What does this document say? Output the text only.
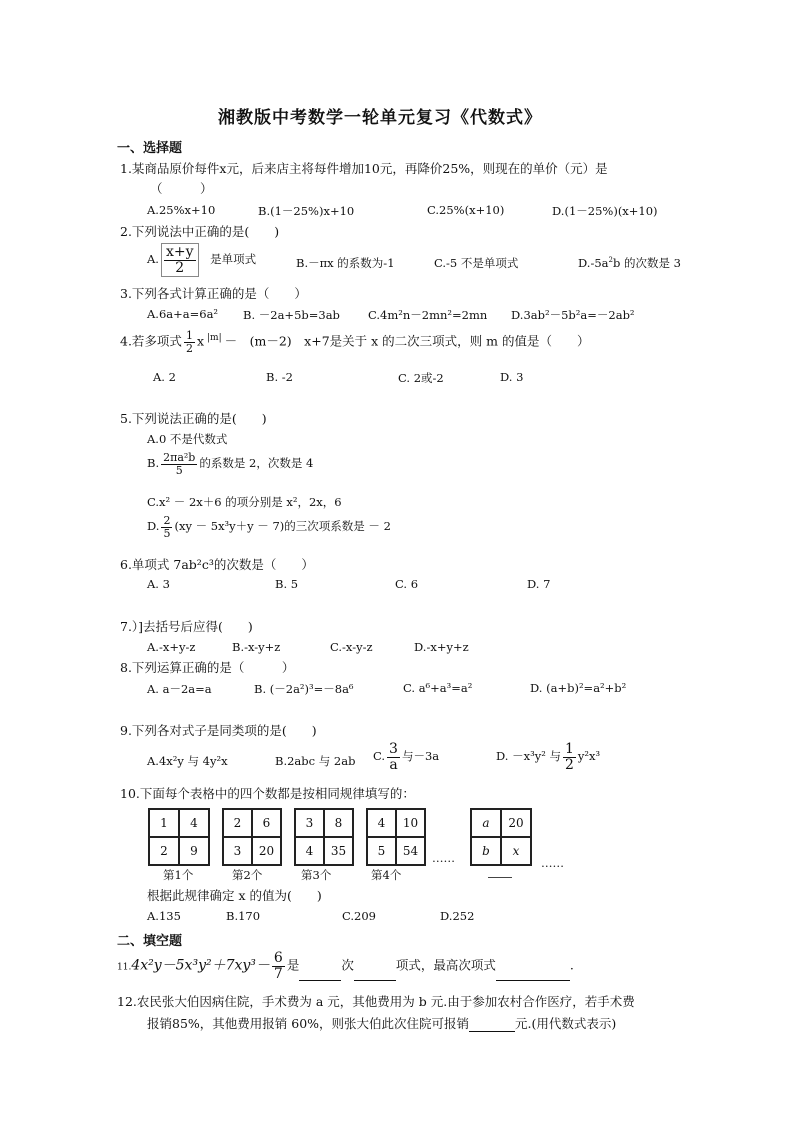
湘教版中考数学一轮单元复习《代数式》
一、选择题
1.某商品原价每件x元，后来店主将每件增加10元，再降价25%，则现在的单价（元）是
（　　　）
A.25%x+10	B.(1－25%)x+10	C.25%(x+10)	D.(1－25%)(x+10)
2.下列说法中正确的是(　　)
A. $\frac{x+y}{2}$ 是单项式	B.－πx 的系数为-1	C.-5 不是单项式	$D.-5a^2b$ 的次数是 3
3.下列各式计算正确的是（　　）
A.6a+a=6a² B. －2a+5b=3ab C.4m²n－2mn²=2mn D.3ab²－5b²a=－2ab²
4.若多项式 $\frac{1}{2}$ x $^{|m|}$ －　(m－2)　x+7是关于 x 的二次三项式，则 m 的值是（　　）
A. 2	B. -2	C. 2或-2	D. 3
5.下列说法正确的是(　　)
A.0 不是代数式
B. $\frac{\text{2πa²b}}{5}$ 的系数是 2，次数是 4
C.x² － 2x＋6 的项分别是 x²，2x，6
D. $\frac{2}{5} (xy - 5x^3y+y - 7)$的三次项系数是 － 2
6.单项式 7ab²c³的次数是（　　）
A. 3	B. 5	C. 6	D. 7
7.）]去括号后应得(　　)
A.-x+y-z	B.-x-y+z	C.-x-y-z	D.-x+y+z
8.下列运算正确的是（　　　）
A. a－2a=a	B. (－2a²)³=－8a⁶	C. a⁶+a³=a²	D. (a+b)²=a²+b²
9.下列各对式子是同类项的是(　　)
A.4x²y 与 4y²x	B.2abc 与 2ab C. $\frac{3}{a}$ 与－3a	D. －x³y² 与 $\frac{1}{2} y^2x^3$
10.下面每个表格中的四个数都是按相同规律填写的：
1	4
2	9
2	6
3	20
3	8
4	35
4	10
5	54	……
a	20
b	x
……
第1个	第2个	第3个	第4个
根据此规律确定 x 的值为(　　)
A.135	B.170	C.209	D.252
二、填空题
$11.4x^2y-5x^3y^2+7xy^3- \frac{6}{7}$ 是	次	项式，最高次项式	.
12.农民张大伯因病住院，手术费为 a 元，其他费用为 b 元.由于参加农村合作医疗，若手术费
报销85%，其他费用报销 60%，则张大伯此次住院可报销	元.(用代数式表示)
